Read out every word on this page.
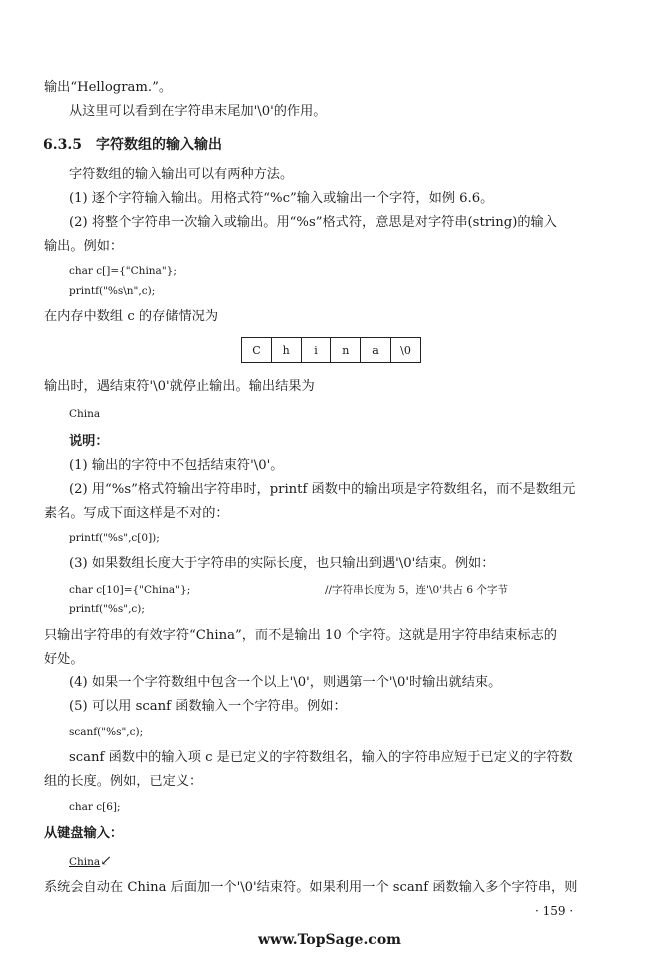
输出“Hellogram.”。
从这里可以看到在字符串末尾加'\0'的作用。
6.3.5　字符数组的输入输出
字符数组的输入输出可以有两种方法。
(1) 逐个字符输入输出。用格式符“%c”输入或输出一个字符，如例 6.6。
(2) 将整个字符串一次输入或输出。用“%s”格式符，意思是对字符串(string)的输入
输出。例如：
char c[]={"China"};
printf("%s\n",c);
在内存中数组 c 的存储情况为
C	h	i	n	a	\0
输出时，遇结束符'\0'就停止输出。输出结果为
China
说明：
(1) 输出的字符中不包括结束符'\0'。
(2) 用“%s”格式符输出字符串时，printf 函数中的输出项是字符数组名，而不是数组元
素名。写成下面这样是不对的：
printf("%s",c[0]);
(3) 如果数组长度大于字符串的实际长度，也只输出到遇'\0'结束。例如：
char c[10]={"China"};	//字符串长度为 5，连'\0'共占 6 个字节
printf("%s",c);
只输出字符串的有效字符“China”，而不是输出 10 个字符。这就是用字符串结束标志的
好处。
(4) 如果一个字符数组中包含一个以上'\0'，则遇第一个'\0'时输出就结束。
(5) 可以用 scanf 函数输入一个字符串。例如：
scanf("%s",c);
scanf 函数中的输入项 c 是已定义的字符数组名，输入的字符串应短于已定义的字符数
组的长度。例如，已定义：
char c[6];
从键盘输入：
China↙
系统会自动在 China 后面加一个'\0'结束符。如果利用一个 scanf 函数输入多个字符串，则
· 159 ·
www.TopSage.com
